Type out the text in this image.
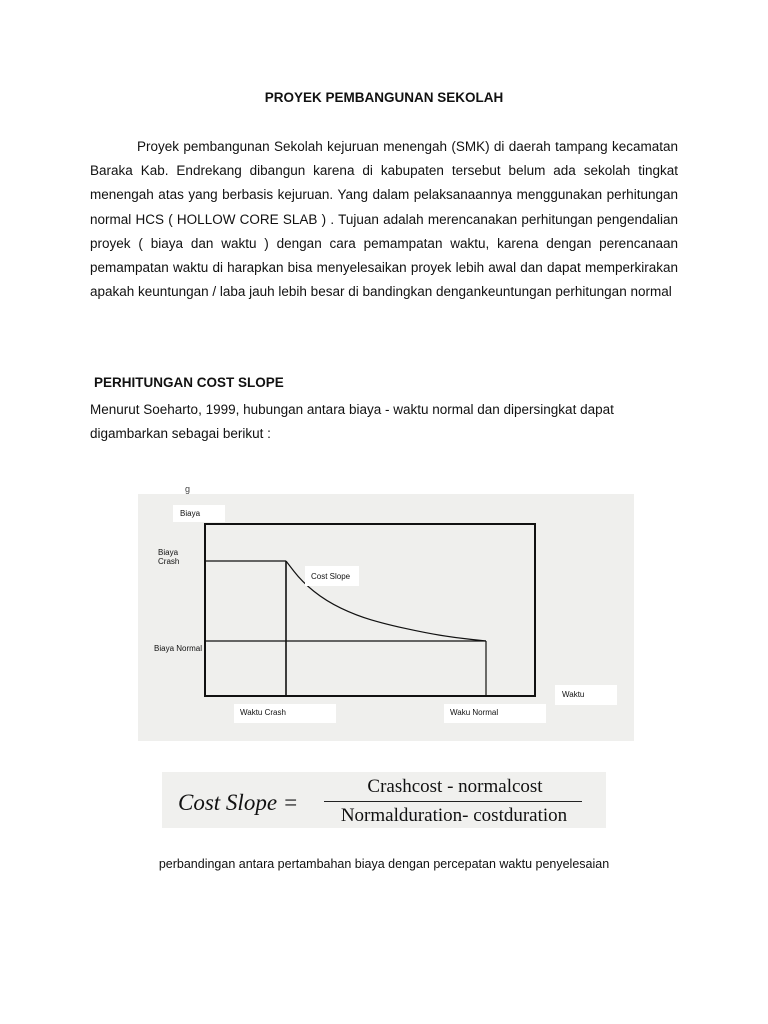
PROYEK PEMBANGUNAN SEKOLAH

Proyek pembangunan Sekolah kejuruan menengah (SMK) di daerah tampang kecamatan Baraka Kab. Endrekang dibangun karena di kabupaten tersebut belum ada sekolah tingkat menengah atas yang berbasis kejuruan. Yang dalam pelaksanaannya menggunakan perhitungan normal HCS ( HOLLOW CORE SLAB ) . Tujuan adalah merencanakan perhitungan pengendalian proyek ( biaya dan waktu ) dengan cara pemampatan waktu, karena dengan perencanaan pemampatan waktu di harapkan bisa menyelesaikan proyek lebih awal dan dapat memperkirakan apakah keuntungan / laba jauh lebih besar di bandingkan dengankeuntungan perhitungan normal

PERHITUNGAN COST SLOPE

Menurut Soeharto, 1999, hubungan antara biaya - waktu normal dan dipersingkat dapat digambarkan sebagai berikut :

g
Biaya
Biaya Crash
Cost Slope
Biaya Normal
Waktu
Waktu Crash	Waku Normal
Cost Slope =
Crashcost - normalcost
Normalduration- costduration

perbandingan antara pertambahan biaya dengan percepatan waktu penyelesaian
